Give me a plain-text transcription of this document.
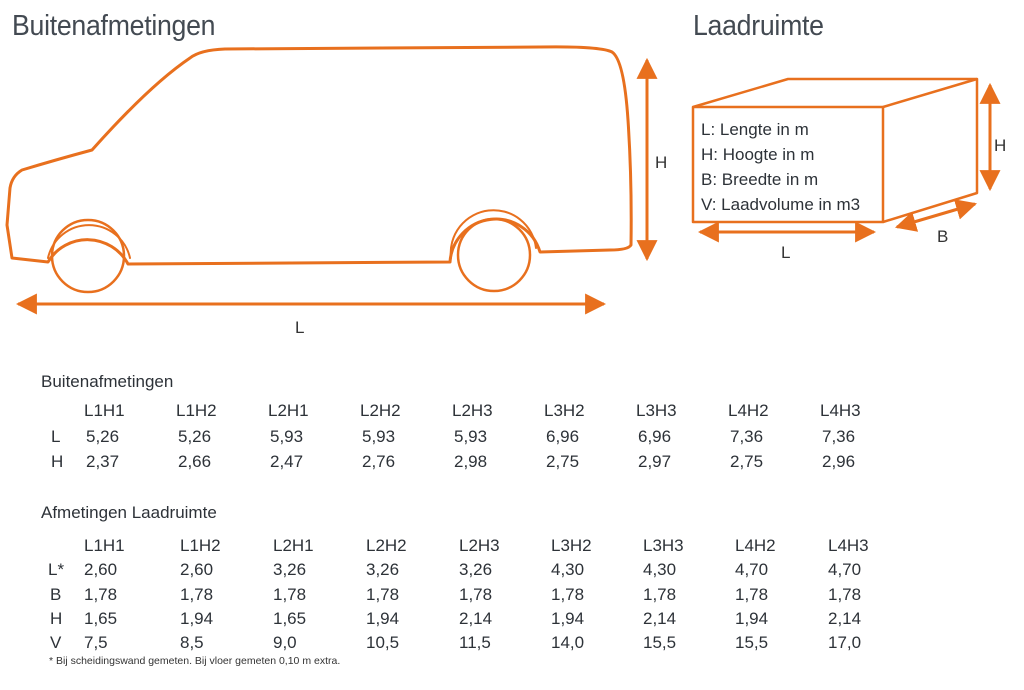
Buitenafmetingen	Laadruimte
H
L
H
L
B
L: Lengte in m
H: Hoogte in m
B: Breedte in m
V: Laadvolume in m3
Buitenafmetingen
L1H1	L1H2	L2H1	L2H2	L2H3	L3H2	L3H3	L4H2	L4H3
L 5,26	5,26	5,93	5,93	5,93	6,96	6,96	7,36	7,36
H 2,37	2,66	2,47	2,76	2,98	2,75	2,97	2,75	2,96
Afmetingen Laadruimte
L1H1	L1H2	L2H1	L2H2	L2H3	L3H2	L3H3	L4H2	L4H3
L* 2,60	2,60	3,26	3,26	3,26	4,30	4,30	4,70	4,70
B 1,78	1,78	1,78	1,78	1,78	1,78	1,78	1,78	1,78
H 1,65	1,94	1,65	1,94	2,14	1,94	2,14	1,94	2,14
V 7,5	8,5	9,0	10,5	11,5	14,0	15,5	15,5	17,0
* Bij scheidingswand gemeten. Bij vloer gemeten 0,10 m extra.
